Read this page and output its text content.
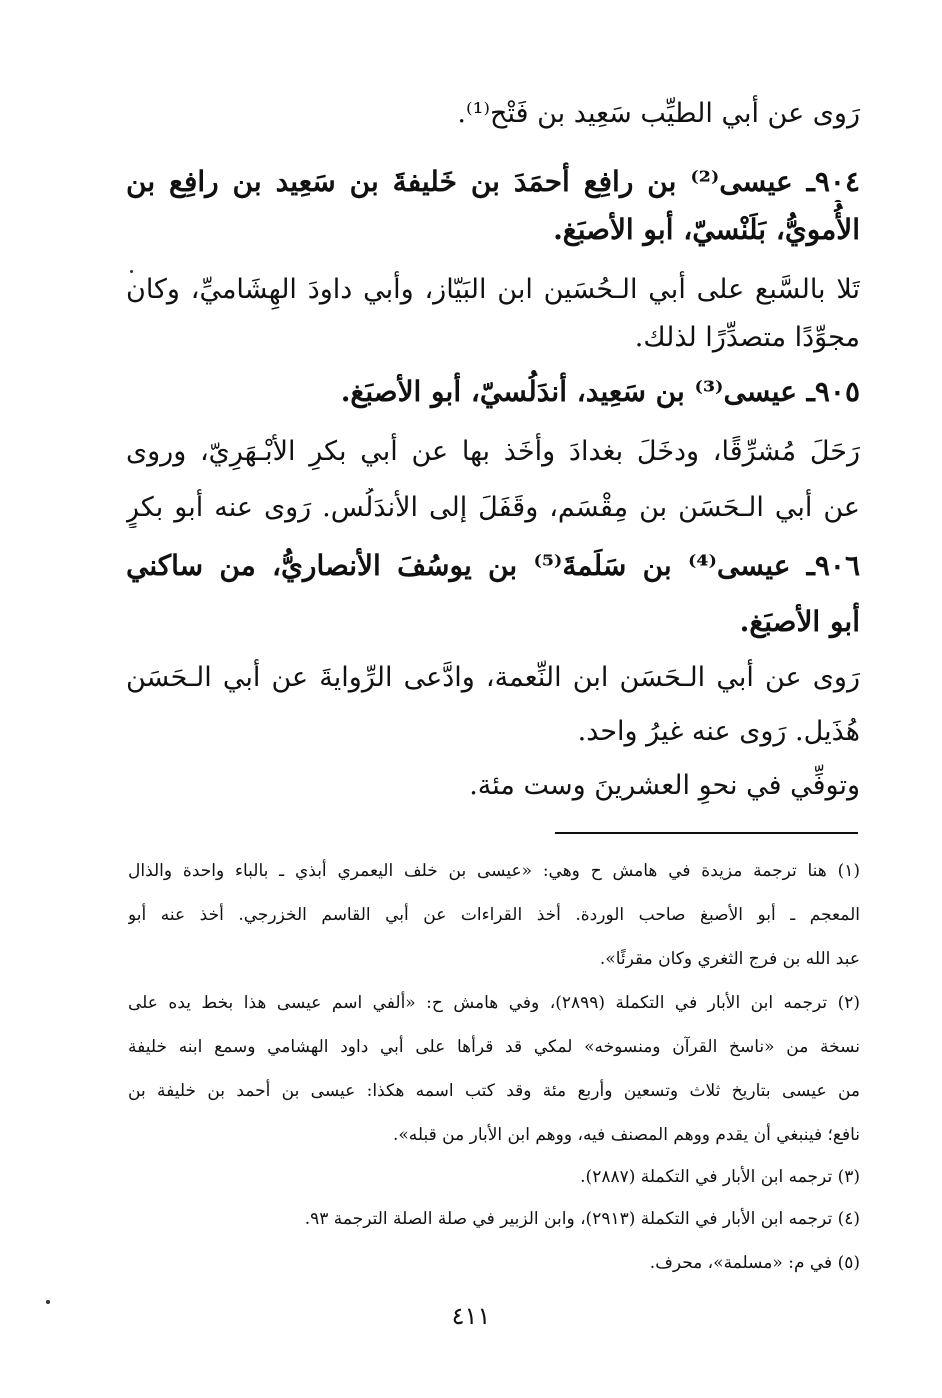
رَوى عن أبي الطيِّب سَعِيد بن فَتْح⁽¹⁾.
٩٠٤ـ عيسى⁽²⁾ بن رافِع أحمَدَ بن خَليفةَ بن سَعِيد بن رافِع بن
الأُمويُّ، بَلَنْسيّ، أبو الأصبَغ.
تَلا بالسَّبع على أبي الـحُسَين ابن البَيّاز، وأبي داودَ الهِشَاميِّ، وكان
مجوِّدًا متصدِّرًا لذلك.
٩٠٥ـ عيسى⁽³⁾ بن سَعِيد، أندَلُسيّ، أبو الأصبَغ.
رَحَلَ مُشرِّقًا، ودخَلَ بغدادَ وأخَذ بها عن أبي بكرِ الأبْـهَرِيّ، وروى
عن أبي الـحَسَن بن مِقْسَم، وقَفَلَ إلى الأندَلُس. رَوى عنه أبو بكرٍ
٩٠٦ـ عيسى⁽⁴⁾ بن سَلَمةَ⁽⁵⁾ بن يوسُفَ الأنصاريُّ، من ساكني
أبو الأصبَغ.
رَوى عن أبي الـحَسَن ابن النِّعمة، وادَّعى الرِّوايةَ عن أبي الـحَسَن
هُذَيل. رَوى عنه غيرُ واحد.
وتوفِّي في نحوِ العشرينَ وست مئة.
(١) هنا ترجمة مزيدة في هامش ح وهي: «عيسى بن خلف اليعمري أبذي ـ بالباء واحدة والذال
المعجم ـ أبو الأصبغ صاحب الوردة. أخذ القراءات عن أبي القاسم الخزرجي. أخذ عنه أبو
عبد الله بن فرج الثغري وكان مقرئًا».
(٢) ترجمه ابن الأبار في التكملة (٢٨٩٩)، وفي هامش ح: «ألفي اسم عيسى هذا بخط يده على
نسخة من «ناسخ القرآن ومنسوخه» لمكي قد قرأها على أبي داود الهشامي وسمع ابنه خليفة
من عيسى بتاريخ ثلاث وتسعين وأربع مئة وقد كتب اسمه هكذا: عيسى بن أحمد بن خليفة بن
نافع؛ فينبغي أن يقدم ووهم المصنف فيه، ووهم ابن الأبار من قبله».
(٣) ترجمه ابن الأبار في التكملة (٢٨٨٧).
(٤) ترجمه ابن الأبار في التكملة (٢٩١٣)، وابن الزبير في صلة الصلة الترجمة ٩٣.
(٥) في م: «مسلمة»، محرف.
٤١١
